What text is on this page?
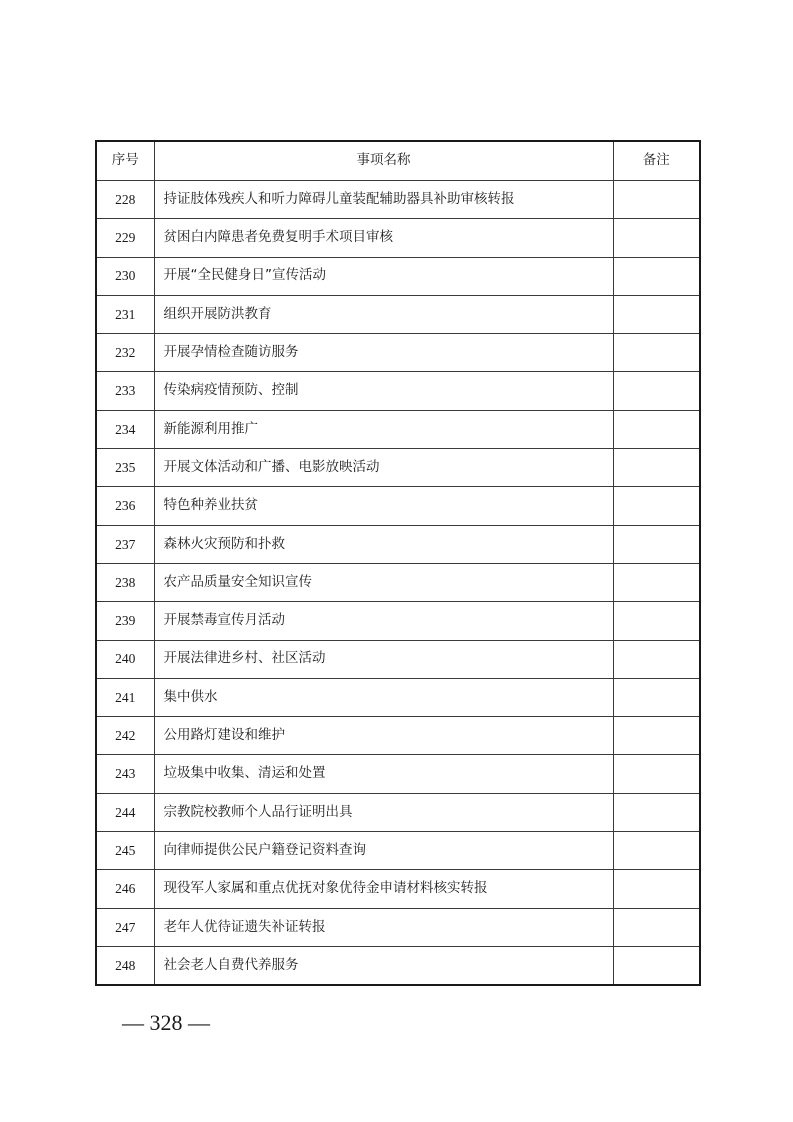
序号	事项名称	备注
228	持证肢体残疾人和听力障碍儿童装配辅助器具补助审核转报	
229	贫困白内障患者免费复明手术项目审核	
230	开展“全民健身日”宣传活动	
231	组织开展防洪教育	
232	开展孕情检查随访服务	
233	传染病疫情预防、控制	
234	新能源利用推广	
235	开展文体活动和广播、电影放映活动	
236	特色种养业扶贫	
237	森林火灾预防和扑救	
238	农产品质量安全知识宣传	
239	开展禁毒宣传月活动	
240	开展法律进乡村、社区活动	
241	集中供水	
242	公用路灯建设和维护	
243	垃圾集中收集、清运和处置	
244	宗教院校教师个人品行证明出具	
245	向律师提供公民户籍登记资料查询	
246	现役军人家属和重点优抚对象优待金申请材料核实转报	
247	老年人优待证遗失补证转报	
248	社会老人自费代养服务	
— 328 —
